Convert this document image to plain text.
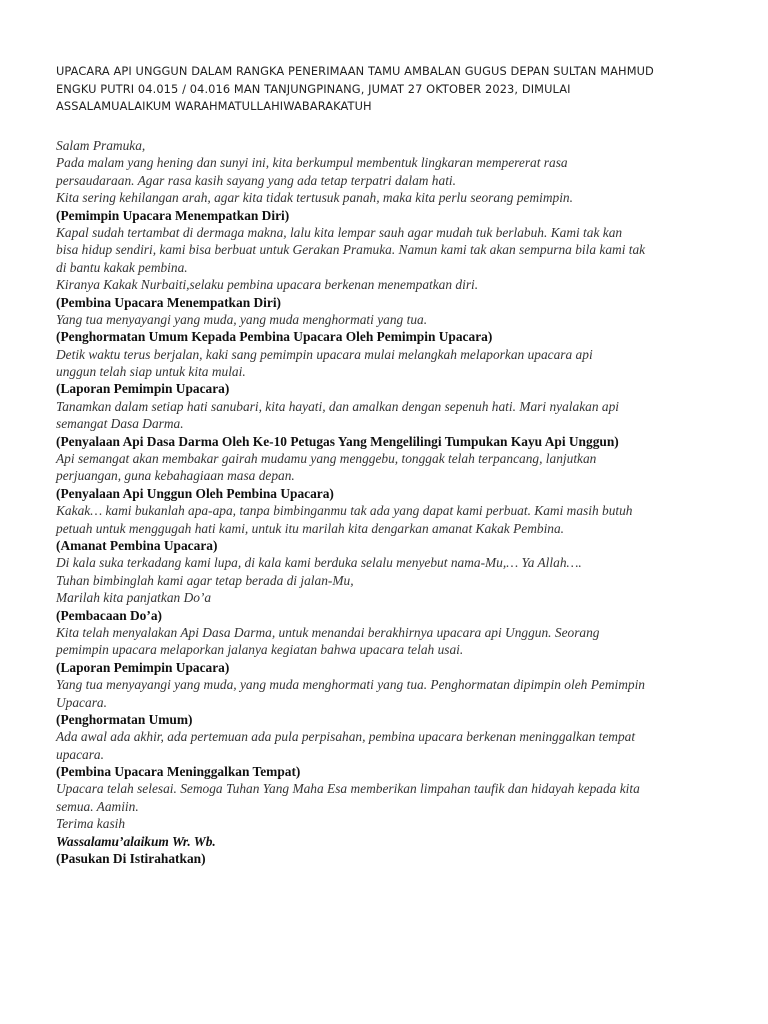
UPACARA API UNGGUN DALAM RANGKA PENERIMAAN TAMU AMBALAN GUGUS DEPAN SULTAN MAHMUD
ENGKU PUTRI 04.015 / 04.016 MAN TANJUNGPINANG, JUMAT 27 OKTOBER 2023, DIMULAI
ASSALAMUALAIKUM WARAHMATULLAHIWABARAKATUH
Salam Pramuka,
Pada malam yang hening dan sunyi ini, kita berkumpul membentuk lingkaran mempererat rasa
persaudaraan. Agar rasa kasih sayang yang ada tetap terpatri dalam hati.
Kita sering kehilangan arah, agar kita tidak tertusuk panah, maka kita perlu seorang pemimpin.
(Pemimpin Upacara Menempatkan Diri)
Kapal sudah tertambat di dermaga makna, lalu kita lempar sauh agar mudah tuk berlabuh. Kami tak kan
bisa hidup sendiri, kami bisa berbuat untuk Gerakan Pramuka. Namun kami tak akan sempurna bila kami tak
di bantu kakak pembina.
Kiranya Kakak Nurbaiti,selaku pembina upacara berkenan menempatkan diri.
(Pembina Upacara Menempatkan Diri)
Yang tua menyayangi yang muda, yang muda menghormati yang tua.
(Penghormatan Umum Kepada Pembina Upacara Oleh Pemimpin Upacara)
Detik waktu terus berjalan, kaki sang pemimpin upacara mulai melangkah melaporkan upacara api
unggun telah siap untuk kita mulai.
(Laporan Pemimpin Upacara)
Tanamkan dalam setiap hati sanubari, kita hayati, dan amalkan dengan sepenuh hati. Mari nyalakan api
semangat Dasa Darma.
(Penyalaan Api Dasa Darma Oleh Ke-10 Petugas Yang Mengelilingi Tumpukan Kayu Api Unggun)
Api semangat akan membakar gairah mudamu yang menggebu, tonggak telah terpancang, lanjutkan
perjuangan, guna kebahagiaan masa depan.
(Penyalaan Api Unggun Oleh Pembina Upacara)
Kakak… kami bukanlah apa-apa, tanpa bimbinganmu tak ada yang dapat kami perbuat. Kami masih butuh
petuah untuk menggugah hati kami, untuk itu marilah kita dengarkan amanat Kakak Pembina.
(Amanat Pembina Upacara)
Di kala suka terkadang kami lupa, di kala kami berduka selalu menyebut nama-Mu,… Ya Allah….
Tuhan bimbinglah kami agar tetap berada di jalan-Mu,
Marilah kita panjatkan Do’a
(Pembacaan Do’a)
Kita telah menyalakan Api Dasa Darma, untuk menandai berakhirnya upacara api Unggun. Seorang
pemimpin upacara melaporkan jalanya kegiatan bahwa upacara telah usai.
(Laporan Pemimpin Upacara)
Yang tua menyayangi yang muda, yang muda menghormati yang tua. Penghormatan dipimpin oleh Pemimpin
Upacara.
(Penghormatan Umum)
Ada awal ada akhir, ada pertemuan ada pula perpisahan, pembina upacara berkenan meninggalkan tempat
upacara.
(Pembina Upacara Meninggalkan Tempat)
Upacara telah selesai. Semoga Tuhan Yang Maha Esa memberikan limpahan taufik dan hidayah kepada kita
semua. Aamiin.
Terima kasih
Wassalamu’alaikum Wr. Wb.
(Pasukan Di Istirahatkan)
